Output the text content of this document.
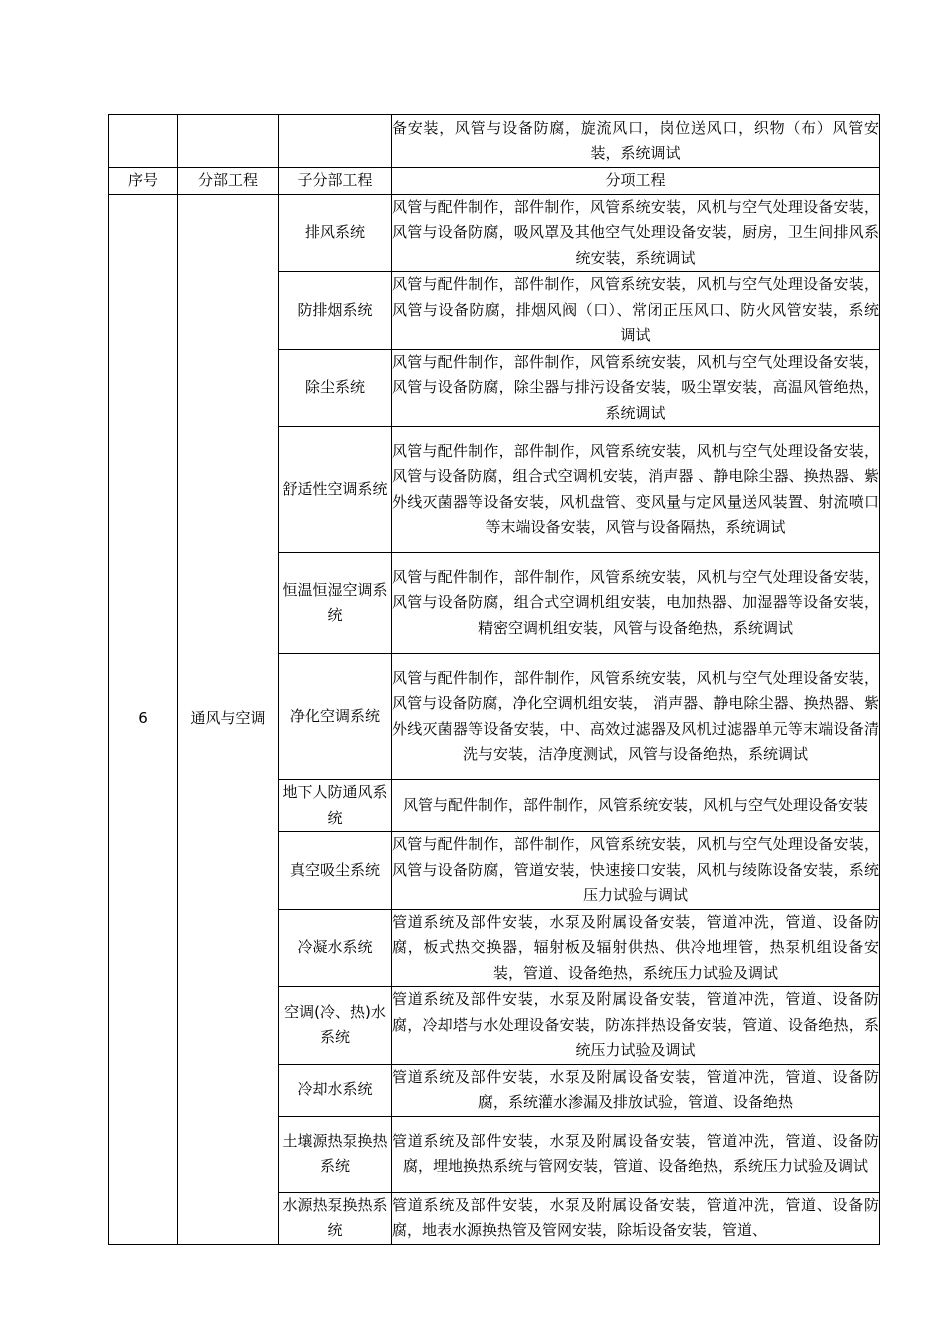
			备安装，风管与设备防腐，旋流风口，岗位送风口，织物（布）风管安装，系统调试
序号	分部工程	子分部工程	分项工程
6	通风与空调	排风系统	风管与配件制作，部件制作，风管系统安装，风机与空气处理设备安装，风管与设备防腐，吸风罩及其他空气处理设备安装，厨房，卫生间排风系统安装，系统调试
		防排烟系统	风管与配件制作，部件制作，风管系统安装，风机与空气处理设备安装，风管与设备防腐，排烟风阀（口）、常闭正压风口、防火风管安装，系统调试
		除尘系统	风管与配件制作，部件制作，风管系统安装，风机与空气处理设备安装，风管与设备防腐，除尘器与排污设备安装，吸尘罩安装，高温风管绝热，系统调试
		舒适性空调系统	风管与配件制作，部件制作，风管系统安装，风机与空气处理设备安装，风管与设备防腐，组合式空调机安装，消声器 、静电除尘器、换热器、紫外线灭菌器等设备安装，风机盘管、变风量与定风量送风装置、射流喷口等末端设备安装，风管与设备隔热，系统调试
		恒温恒湿空调系统	风管与配件制作，部件制作，风管系统安装，风机与空气处理设备安装，风管与设备防腐，组合式空调机组安装，电加热器、加湿器等设备安装，精密空调机组安装，风管与设备绝热，系统调试
		净化空调系统	风管与配件制作，部件制作，风管系统安装，风机与空气处理设备安装，风管与设备防腐，净化空调机组安装， 消声器、静电除尘器、换热器、紫外线灭菌器等设备安装，中、高效过滤器及风机过滤器单元等末端设备清洗与安装，洁净度测试，风管与设备绝热，系统调试
		地下人防通风系统	风管与配件制作，部件制作，风管系统安装，风机与空气处理设备安装
		真空吸尘系统	风管与配件制作，部件制作，风管系统安装，风机与空气处理设备安装，风管与设备防腐，管道安装，快速接口安装，风机与绫陈设备安装，系统压力试验与调试
		冷凝水系统	管道系统及部件安装，水泵及附属设备安装，管道冲洗，管道、设备防腐，板式热交换器，辐射板及辐射供热、供冷地埋管，热泵机组设备安装，管道、设备绝热，系统压力试验及调试
		空调(冷、热)水系统	管道系统及部件安装，水泵及附属设备安装，管道冲洗，管道、设备防腐，冷却塔与水处理设备安装，防冻拌热设备安装，管道、设备绝热，系统压力试验及调试
		冷却水系统	管道系统及部件安装，水泵及附属设备安装，管道冲洗，管道、设备防腐，系统灌水渗漏及排放试验，管道、设备绝热
		土壤源热泵换热系统	管道系统及部件安装，水泵及附属设备安装，管道冲洗，管道、设备防腐，埋地换热系统与管网安装，管道、设备绝热，系统压力试验及调试
		水源热泵换热系统	管道系统及部件安装，水泵及附属设备安装，管道冲洗，管道、设备防腐，地表水源换热管及管网安装，除垢设备安装，管道、
